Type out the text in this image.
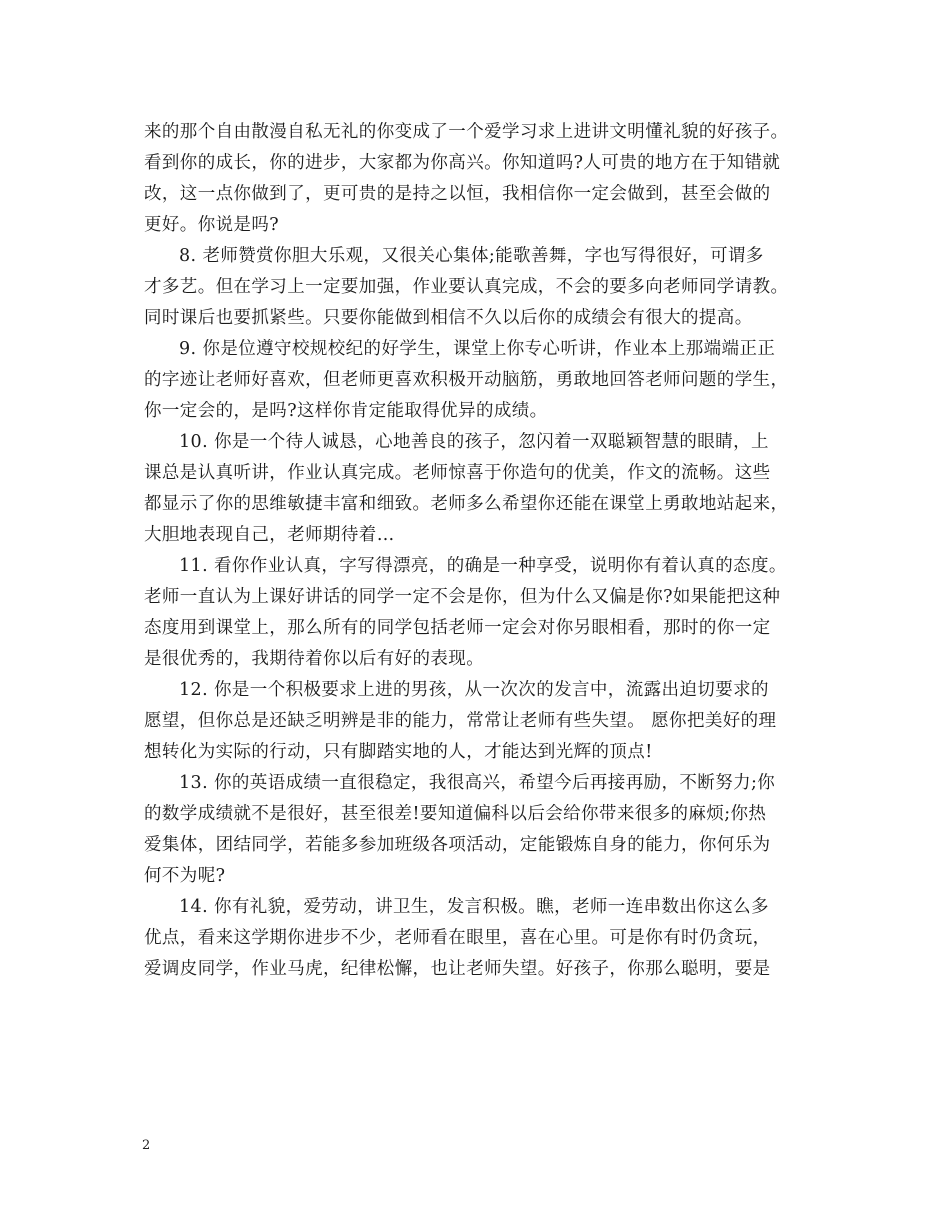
来的那个自由散漫自私无礼的你变成了一个爱学习求上进讲文明懂礼貌的好孩子。
看到你的成长，你的进步，大家都为你高兴。你知道吗?人可贵的地方在于知错就
改，这一点你做到了，更可贵的是持之以恒，我相信你一定会做到，甚至会做的
更好。你说是吗?
8. 老师赞赏你胆大乐观，又很关心集体;能歌善舞，字也写得很好，可谓多
才多艺。但在学习上一定要加强，作业要认真完成，不会的要多向老师同学请教。
同时课后也要抓紧些。只要你能做到相信不久以后你的成绩会有很大的提高。
9. 你是位遵守校规校纪的好学生，课堂上你专心听讲，作业本上那端端正正
的字迹让老师好喜欢，但老师更喜欢积极开动脑筋，勇敢地回答老师问题的学生，
你一定会的，是吗?这样你肯定能取得优异的成绩。
10. 你是一个待人诚恳，心地善良的孩子，忽闪着一双聪颖智慧的眼睛，上
课总是认真听讲，作业认真完成。老师惊喜于你造句的优美，作文的流畅。这些
都显示了你的思维敏捷丰富和细致。老师多么希望你还能在课堂上勇敢地站起来，
大胆地表现自己，老师期待着…
11. 看你作业认真，字写得漂亮，的确是一种享受，说明你有着认真的态度。
老师一直认为上课好讲话的同学一定不会是你，但为什么又偏是你?如果能把这种
态度用到课堂上，那么所有的同学包括老师一定会对你另眼相看，那时的你一定
是很优秀的，我期待着你以后有好的表现。
12. 你是一个积极要求上进的男孩，从一次次的发言中，流露出迫切要求的
愿望，但你总是还缺乏明辨是非的能力，常常让老师有些失望。 愿你把美好的理
想转化为实际的行动，只有脚踏实地的人，才能达到光辉的顶点!
13. 你的英语成绩一直很稳定，我很高兴，希望今后再接再励，不断努力;你
的数学成绩就不是很好，甚至很差!要知道偏科以后会给你带来很多的麻烦;你热
爱集体，团结同学，若能多参加班级各项活动，定能锻炼自身的能力，你何乐为
何不为呢?
14. 你有礼貌，爱劳动，讲卫生，发言积极。瞧，老师一连串数出你这么多
优点，看来这学期你进步不少，老师看在眼里，喜在心里。可是你有时仍贪玩，
爱调皮同学，作业马虎，纪律松懈，也让老师失望。好孩子，你那么聪明，要是
2
